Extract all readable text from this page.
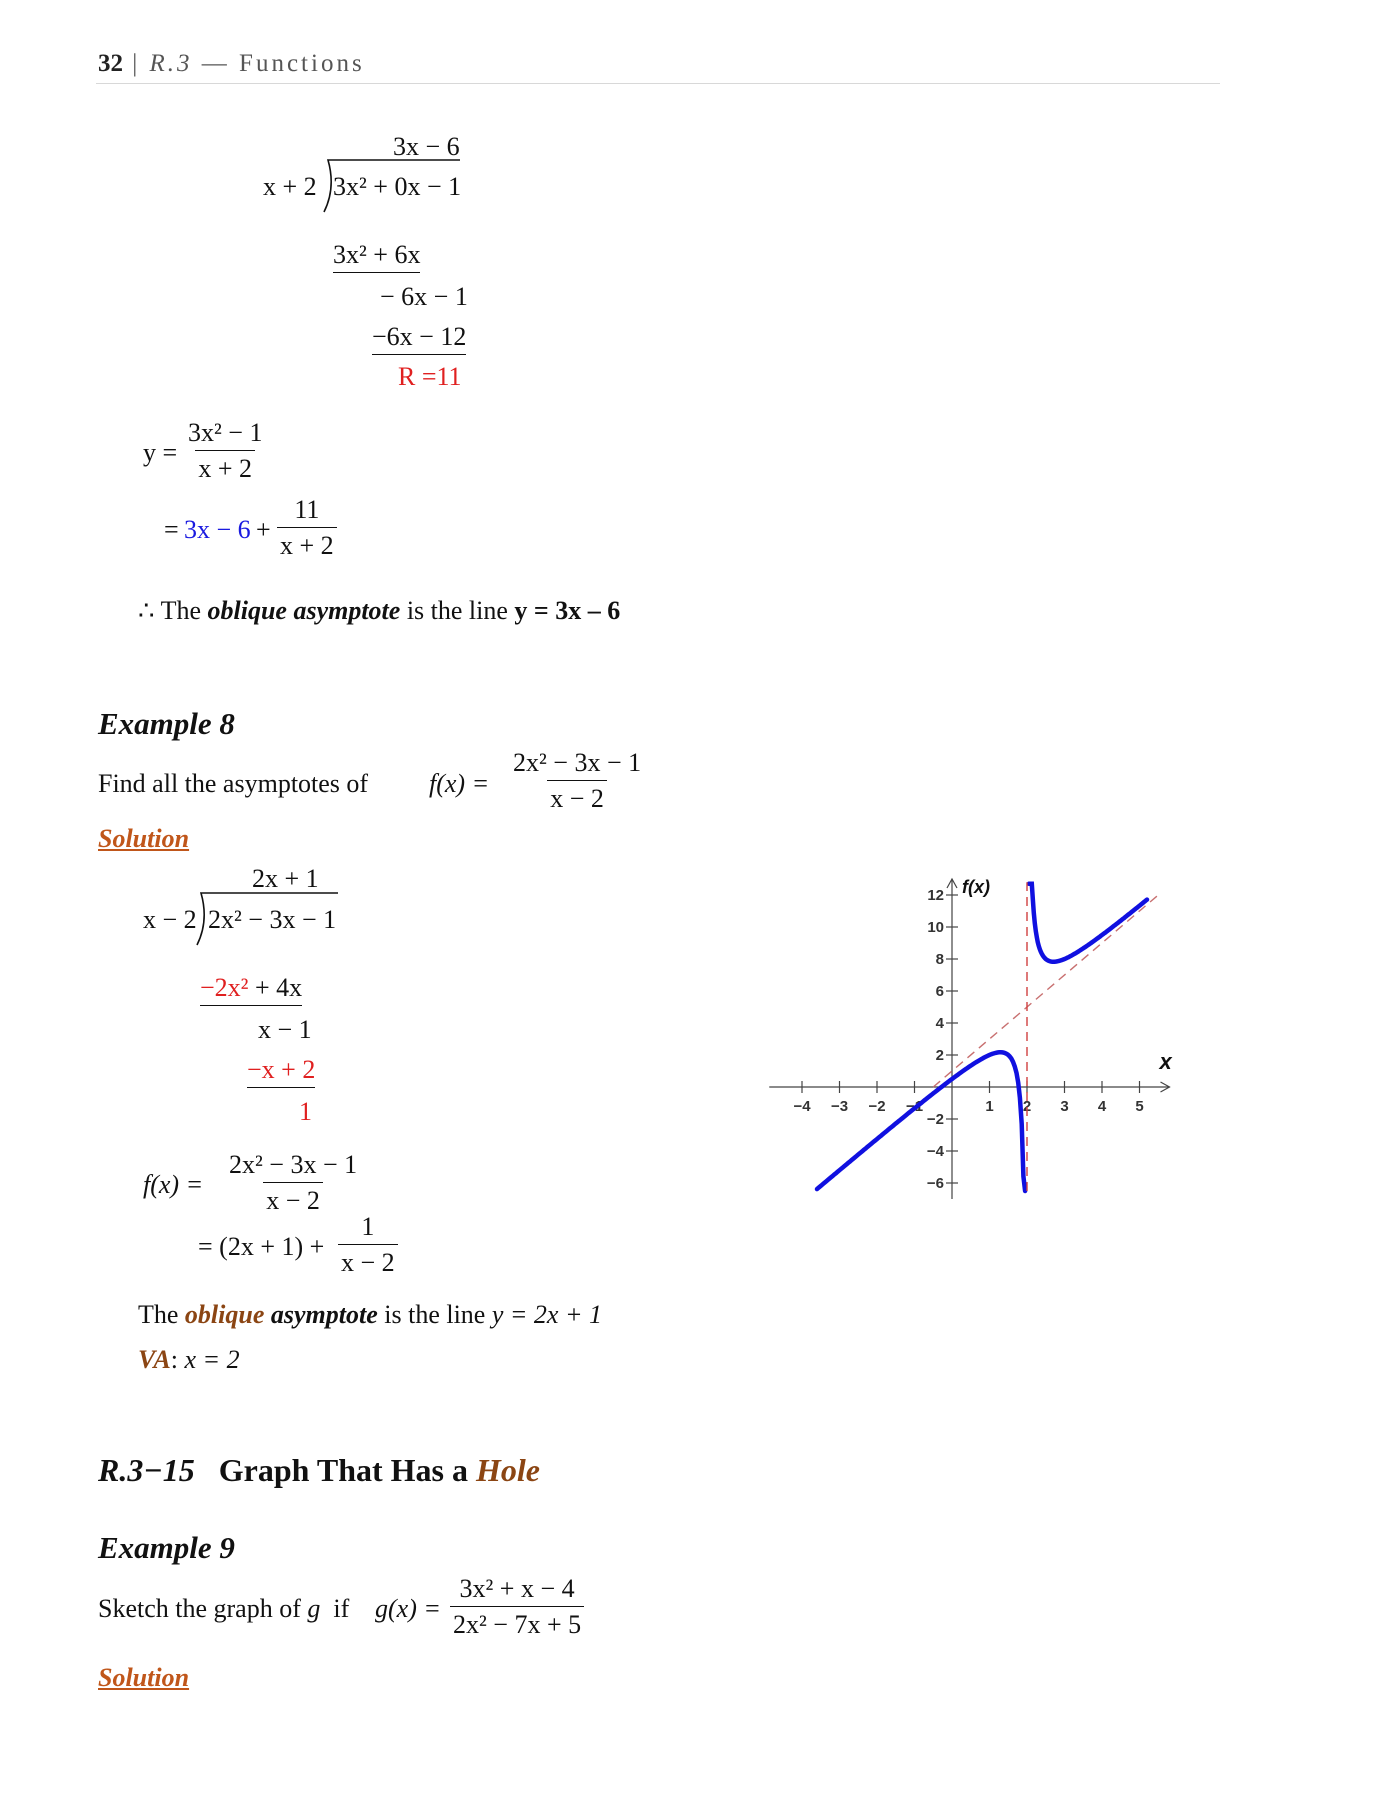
32 | R.3 — Functions
3x − 6
x + 2 3x² + 0x − 1
3x² + 6x
− 6x − 1
−6x − 12
R =11
$y = \frac{\text{3x² − 1}}{x + 2}$
= $3x - 6 + \frac{11}{x + 2}$
∴ The oblique asymptote is the line y = 3x – 6
Example 8
Find all the asymptotes of $f(x) = \frac{\text{2x² − 3x − 1}}{x - 2}$
Solution
2x + 1
x − 2 2x² − 3x − 1
−2x² + 4x
x − 1
−x + 2
1
$f(x) = \frac{\text{2x² − 3x − 1}}{x - 2}$
= $(2x + 1) + \frac{1}{x - 2}$
The oblique asymptote is the line y = 2x + 1
VA: x = 2
R.3−15 Graph That Has a Hole
Example 9
Sketch the graph of g if $g(x) = \frac{\text{3x² + x − 4}}{\text{2x² − 7x + 5}}$
Solution
−4 −3 −2 −1	1 2 3 4 5
12
10
8
6
4
2
−2
−4
−6
x
f(x)
